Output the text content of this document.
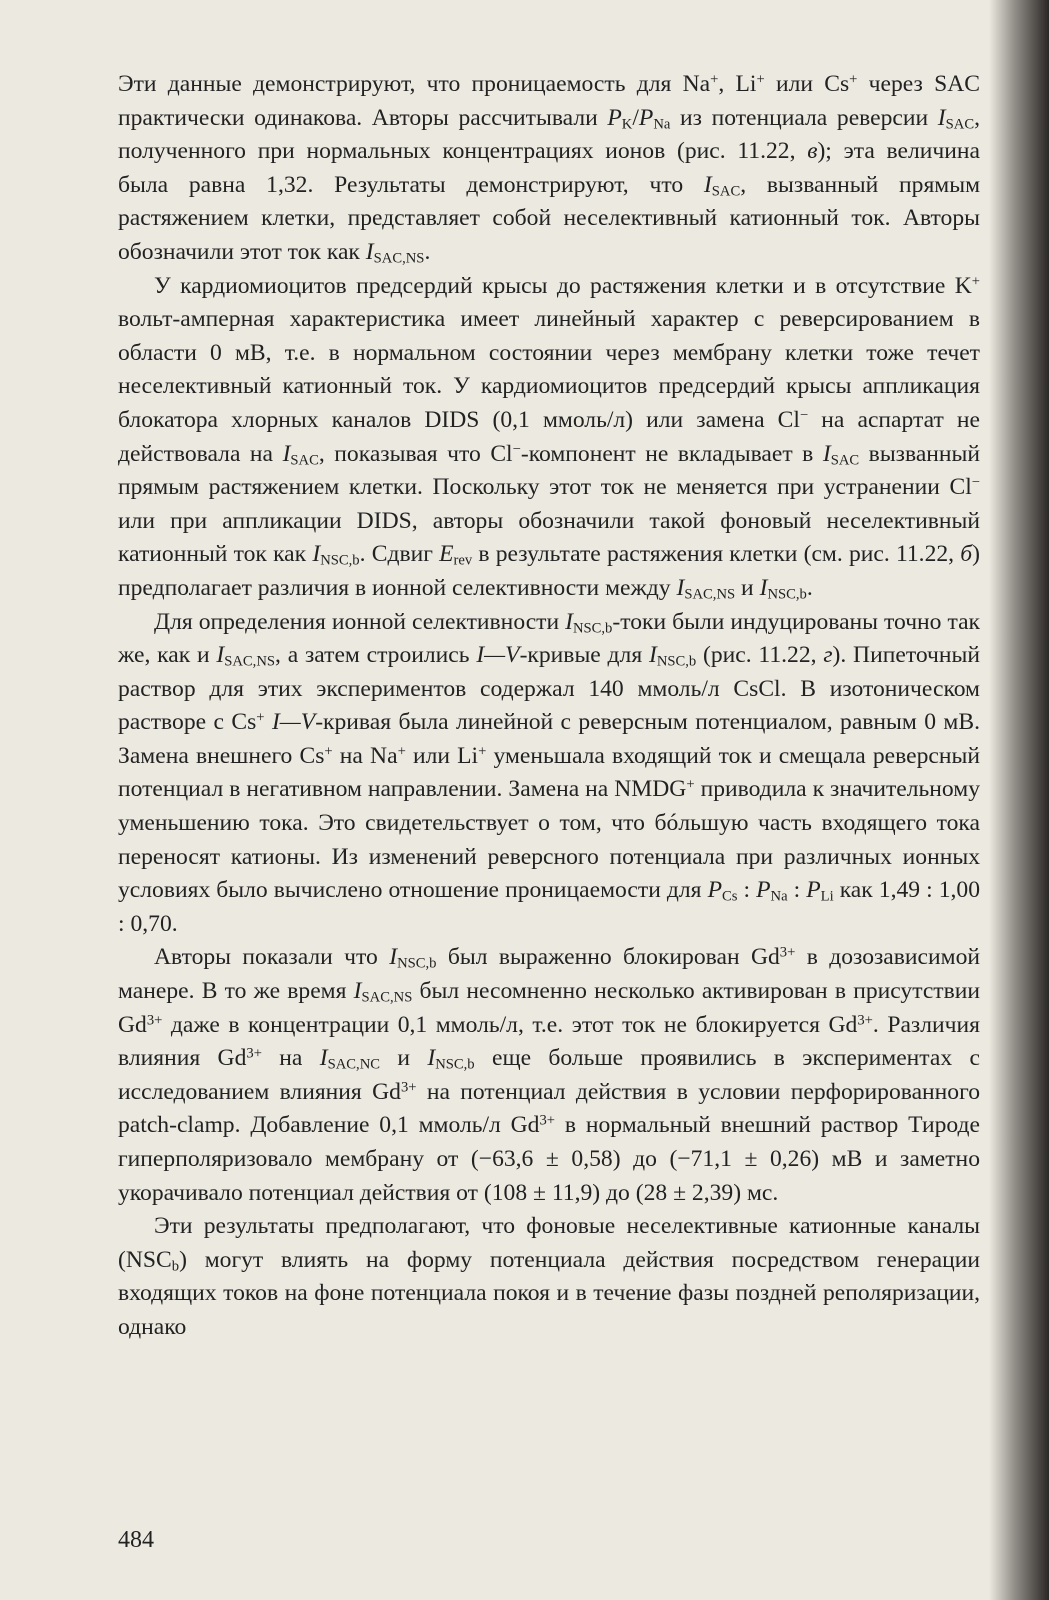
Эти данные демонстрируют, что проницаемость для Na+, Li+ или Cs+ через SAC практически одинакова. Авторы рассчитывали $P_K/P_{Na}$ из потенциала реверсии $I_{SAC}$, полученного при нормальных концентрациях ионов (рис. 11.22, в); эта величина была равна 1,32. Результаты демонстрируют, что $I_{SAC}$, вызванный прямым растяжением клетки, представляет собой неселективный катионный ток. Авторы обозначили этот ток как $I_{SAC,NS}$.

У кардиомиоцитов предсердий крысы до растяжения клетки и в отсутствие K+ вольт-амперная характеристика имеет линейный характер с реверсированием в области 0 мВ, т.е. в нормальном состоянии через мембрану клетки тоже течет неселективный катионный ток. У кардиомиоцитов предсердий крысы аппликация блокатора хлорных каналов DIDS (0,1 ммоль/л) или замена Cl− на аспартат не действовала на $I_{SAC}$, показывая что Cl−-компонент не вкладывает в $I_{SAC}$ вызванный прямым растяжением клетки. Поскольку этот ток не меняется при устранении Cl− или при аппликации DIDS, авторы обозначили такой фоновый неселективный катионный ток как $I_{NSC,b}$. Сдвиг $E_{rev}$ в результате растяжения клетки (см. рис. 11.22, б) предполагает различия в ионной селективности между $I_{SAC,NS}$ и $I_{NSC,b}$.

Для определения ионной селективности $I_{NSC,b}$-токи были индуцированы точно так же, как и $I_{SAC,NS}$, а затем строились I—V-кривые для $I_{NSC,b}$ (рис. 11.22, г). Пипеточный раствор для этих экспериментов содержал 140 ммоль/л CsCl. В изотоническом растворе с Cs+ I—V-кривая была линейной с реверсным потенциалом, равным 0 мВ. Замена внешнего Cs+ на Na+ или Li+ уменьшала входящий ток и смещала реверсный потенциал в негативном направлении. Замена на NMDG+ приводила к значительному уменьшению тока. Это свидетельствует о том, что бóльшую часть входящего тока переносят катионы. Из изменений реверсного потенциала при различных ионных условиях было вычислено отношение проницаемости для $P_{Cs}$ : $P_{Na}$ : $P_{Li}$ как 1,49 : 1,00 : 0,70.

Авторы показали что $I_{NSC,b}$ был выраженно блокирован $Gd^{3+}$ в дозозависимой манере. В то же время $I_{SAC,NS}$ был несомненно несколько активирован в присутствии $Gd^{3+}$ даже в концентрации 0,1 ммоль/л, т.е. этот ток не блокируется $Gd^{3+}$. Различия влияния $Gd^{3+}$ на $I_{SAC,NC}$ и $I_{NSC,b}$ еще больше проявились в экспериментах с исследованием влияния $Gd^{3+}$ на потенциал действия в условии перфорированного patch-clamp. Добавление 0,1 ммоль/л $Gd^{3+}$ в нормальный внешний раствор Тироде гиперполяризовало мембрану от (−63,6 ± 0,58) до (−71,1 ± 0,26) мВ и заметно укорачивало потенциал действия от (108 ± 11,9) до (28 ± 2,39) мс.

Эти результаты предполагают, что фоновые неселективные катионные каналы $(NSC_b)$ могут влиять на форму потенциала действия посредством генерации входящих токов на фоне потенциала покоя и в течение фазы поздней реполяризации, однако

484
